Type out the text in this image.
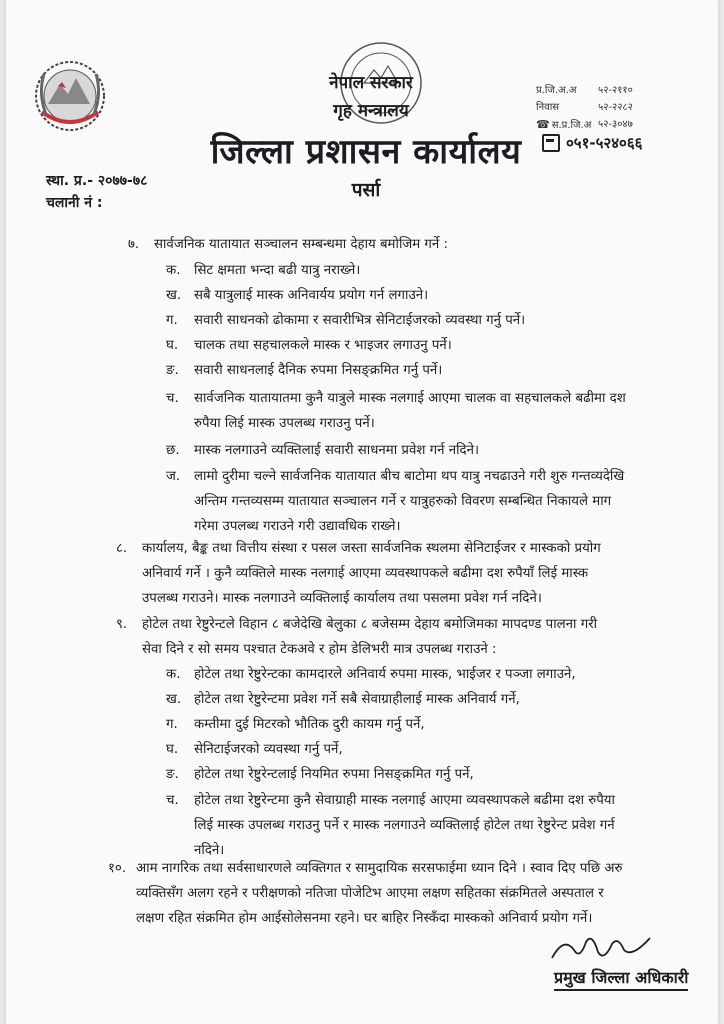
नेपाल सरकार
गृह मन्त्रालय
जिल्ला प्रशासन कार्यालय
पर्सा
प्र.जि.अ.अ	५२-२११०
निवास	५२-२२८२
☎ स.प्र.जि.अ ५२-३०४७
०५१-५२४०६६
स्था. प्र.- २०७७-७८
चलानी नं :
७. सार्वजनिक यातायात सञ्चालन सम्बन्धमा देहाय बमोजिम गर्ने :
क. सिट क्षमता भन्दा बढी यात्रु नराख्ने।
ख. सबै यात्रुलाई मास्क अनिवार्यय प्रयोग गर्न लगाउने।
ग. सवारी साधनको ढोकामा र सवारीभित्र सेनिटाईजरको व्यवस्था गर्नु पर्ने।
घ. चालक तथा सहचालकले मास्क र भाइजर लगाउनु पर्ने।
ङ. सवारी साधनलाई दैनिक रुपमा निसङ्क्रमित गर्नु पर्ने।
च. सार्वजनिक यातायातमा कुनै यात्रुले मास्क नलगाई आएमा चालक वा सहचालकले बढीमा दश
रुपैया लिई मास्क उपलब्ध गराउनु पर्ने।
छ. मास्क नलगाउने व्यक्तिलाई सवारी साधनमा प्रवेश गर्न नदिने।
ज. लामो दुरीमा चल्ने सार्वजनिक यातायात बीच बाटोमा थप यात्रु नचढाउने गरी शुरु गन्तव्यदेखि
अन्तिम गन्तव्यसम्म यातायात सञ्चालन गर्ने र यात्रुहरुको विवरण सम्बन्धित निकायले माग
गरेमा उपलब्ध गराउने गरी उद्यावधिक राख्ने।
८. कार्यालय, बैङ्क तथा वित्तीय संस्था र पसल जस्ता सार्वजनिक स्थलमा सेनिटाईजर र मास्कको प्रयोग
अनिवार्य गर्ने । कुनै व्यक्तिले मास्क नलगाई आएमा व्यवस्थापकले बढीमा दश रुपैयाँ लिई मास्क
उपलब्ध गराउने। मास्क नलगाउने व्यक्तिलाई कार्यालय तथा पसलमा प्रवेश गर्न नदिने।
९. होटेल तथा रेष्टुरेन्टले विहान ८ बजेदेखि बेलुका ८ बजेसम्म देहाय बमोजिमका मापदण्ड पालना गरी
सेवा दिने र सो समय पश्चात टेकअवे र होम डेलिभरी मात्र उपलब्ध गराउने :
क. होटेल तथा रेष्टुरेन्टका कामदारले अनिवार्य रुपमा मास्क, भाईजर र पञ्जा लगाउने,
ख. होटेल तथा रेष्टुरेन्टमा प्रवेश गर्ने सबै सेवाग्राहीलाई मास्क अनिवार्य गर्ने,
ग. कम्तीमा दुई मिटरको भौतिक दुरी कायम गर्नु पर्ने,
घ. सेनिटाईजरको व्यवस्था गर्नु पर्ने,
ङ. होटेल तथा रेष्टुरेन्टलाई नियमित रुपमा निसङ्क्रमित गर्नु पर्ने,
च. होटेल तथा रेष्टुरेन्टमा कुनै सेवाग्राही मास्क नलगाई आएमा व्यवस्थापकले बढीमा दश रुपैया
लिई मास्क उपलब्ध गराउनु पर्ने र मास्क नलगाउने व्यक्तिलाई होटेल तथा रेष्टुरेन्ट प्रवेश गर्न
नदिने।
१०. आम नागरिक तथा सर्वसाधारणले व्यक्तिगत र सामुदायिक सरसफाईमा ध्यान दिने । स्वाव दिए पछि अरु
व्यक्तिसँग अलग रहने र परीक्षणको नतिजा पोजेटिभ आएमा लक्षण सहितका संक्रमितले अस्पताल र
लक्षण रहित संक्रमित होम आईसोलेसनमा रहने। घर बाहिर निस्कँदा मास्कको अनिवार्य प्रयोग गर्ने।
प्रमुख जिल्ला अधिकारी
